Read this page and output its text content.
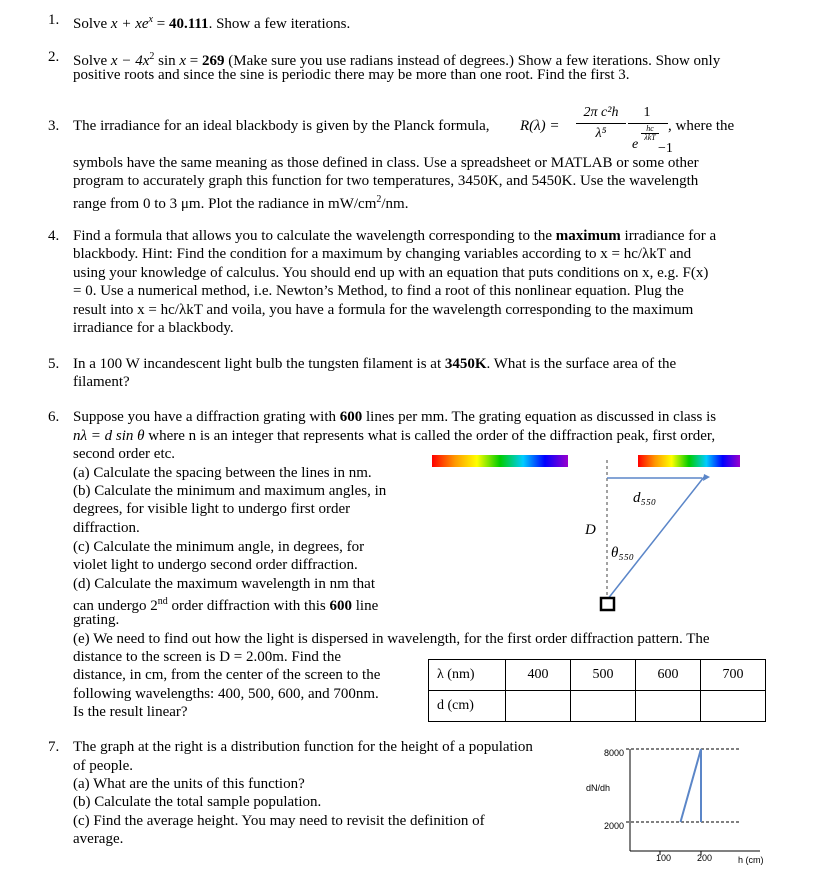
1. Solve $x + xe^x = 40.111$. Show a few iterations.
2. Solve $x - 4x^2$ sin x = 269 (Make sure you use radians instead of degrees.) Show a few iterations. Show only
positive roots and since the sine is periodic there may be more than one root. Find the first 3.
3. The irradiance for an ideal blackbody is given by the Planck formula, R(λ) =
2π c²h
λ⁵
1
hc
λkT
e −1
, where the
symbols have the same meaning as those defined in class. Use a spreadsheet or MATLAB or some other
program to accurately graph this function for two temperatures, 3450K, and 5450K. Use the wavelength
range from 0 to 3 μm. Plot the radiance in $mW/cm^2/nm$.
4. Find a formula that allows you to calculate the wavelength corresponding to the maximum irradiance for a
blackbody. Hint: Find the condition for a maximum by changing variables according to x = hc/λkT and
using your knowledge of calculus. You should end up with an equation that puts conditions on x, e.g. F(x)
= 0. Use a numerical method, i.e. Newton’s Method, to find a root of this nonlinear equation. Plug the
result into x = hc/λkT and voila, you have a formula for the wavelength corresponding to the maximum
irradiance for a blackbody.
5. In a 100 W incandescent light bulb the tungsten filament is at 3450K. What is the surface area of the
filament?
6. Suppose you have a diffraction grating with 600 lines per mm. The grating equation as discussed in class is
nλ = d sin θ where n is an integer that represents what is called the order of the diffraction peak, first order,
second order etc.
(a) Calculate the spacing between the lines in nm.
(b) Calculate the minimum and maximum angles, in
degrees, for visible light to undergo first order
diffraction.
(c) Calculate the minimum angle, in degrees, for
violet light to undergo second order diffraction.
(d) Calculate the maximum wavelength in nm that
can undergo 2nd order diffraction with this 600 line
grating.
(e) We need to find out how the light is dispersed in wavelength, for the first order diffraction pattern. The
distance to the screen is D = 2.00m. Find the
distance, in cm, from the center of the screen to the
following wavelengths: 400, 500, 600, and 700nm.
Is the result linear?
D
d₅₅₀
θ₅₅₀
λ (nm)	400	500	600	700
d (cm)				
7. The graph at the right is a distribution function for the height of a population
of people.
(a) What are the units of this function?
(b) Calculate the total sample population.
(c) Find the average height. You may need to revisit the definition of
average.
8000
2000
dN/dh
100	200	h (cm)
